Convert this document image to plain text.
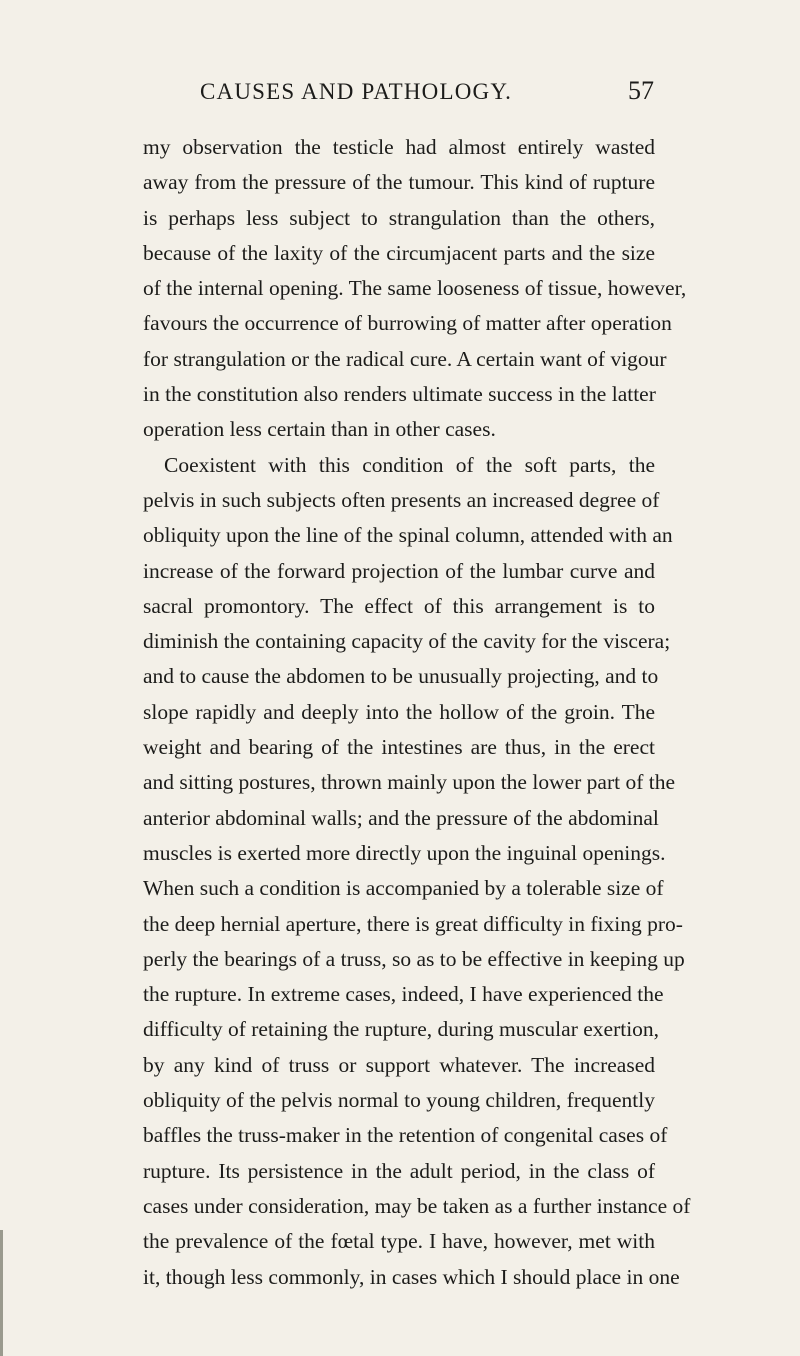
CAUSES AND PATHOLOGY.	57
my observation the testicle had almost entirely wasted
away from the pressure of the tumour. This kind of rupture
is perhaps less subject to strangulation than the others,
because of the laxity of the circumjacent parts and the size
of the internal opening. The same looseness of tissue, however,
favours the occurrence of burrowing of matter after operation
for strangulation or the radical cure. A certain want of vigour
in the constitution also renders ultimate success in the latter
operation less certain than in other cases.
Coexistent with this condition of the soft parts, the
pelvis in such subjects often presents an increased degree of
obliquity upon the line of the spinal column, attended with an
increase of the forward projection of the lumbar curve and
sacral promontory. The effect of this arrangement is to
diminish the containing capacity of the cavity for the viscera;
and to cause the abdomen to be unusually projecting, and to
slope rapidly and deeply into the hollow of the groin. The
weight and bearing of the intestines are thus, in the erect
and sitting postures, thrown mainly upon the lower part of the
anterior abdominal walls; and the pressure of the abdominal
muscles is exerted more directly upon the inguinal openings.
When such a condition is accompanied by a tolerable size of
the deep hernial aperture, there is great difficulty in fixing pro-
perly the bearings of a truss, so as to be effective in keeping up
the rupture. In extreme cases, indeed, I have experienced the
difficulty of retaining the rupture, during muscular exertion,
by any kind of truss or support whatever. The increased
obliquity of the pelvis normal to young children, frequently
baffles the truss-maker in the retention of congenital cases of
rupture. Its persistence in the adult period, in the class of
cases under consideration, may be taken as a further instance of
the prevalence of the fœtal type. I have, however, met with
it, though less commonly, in cases which I should place in one
